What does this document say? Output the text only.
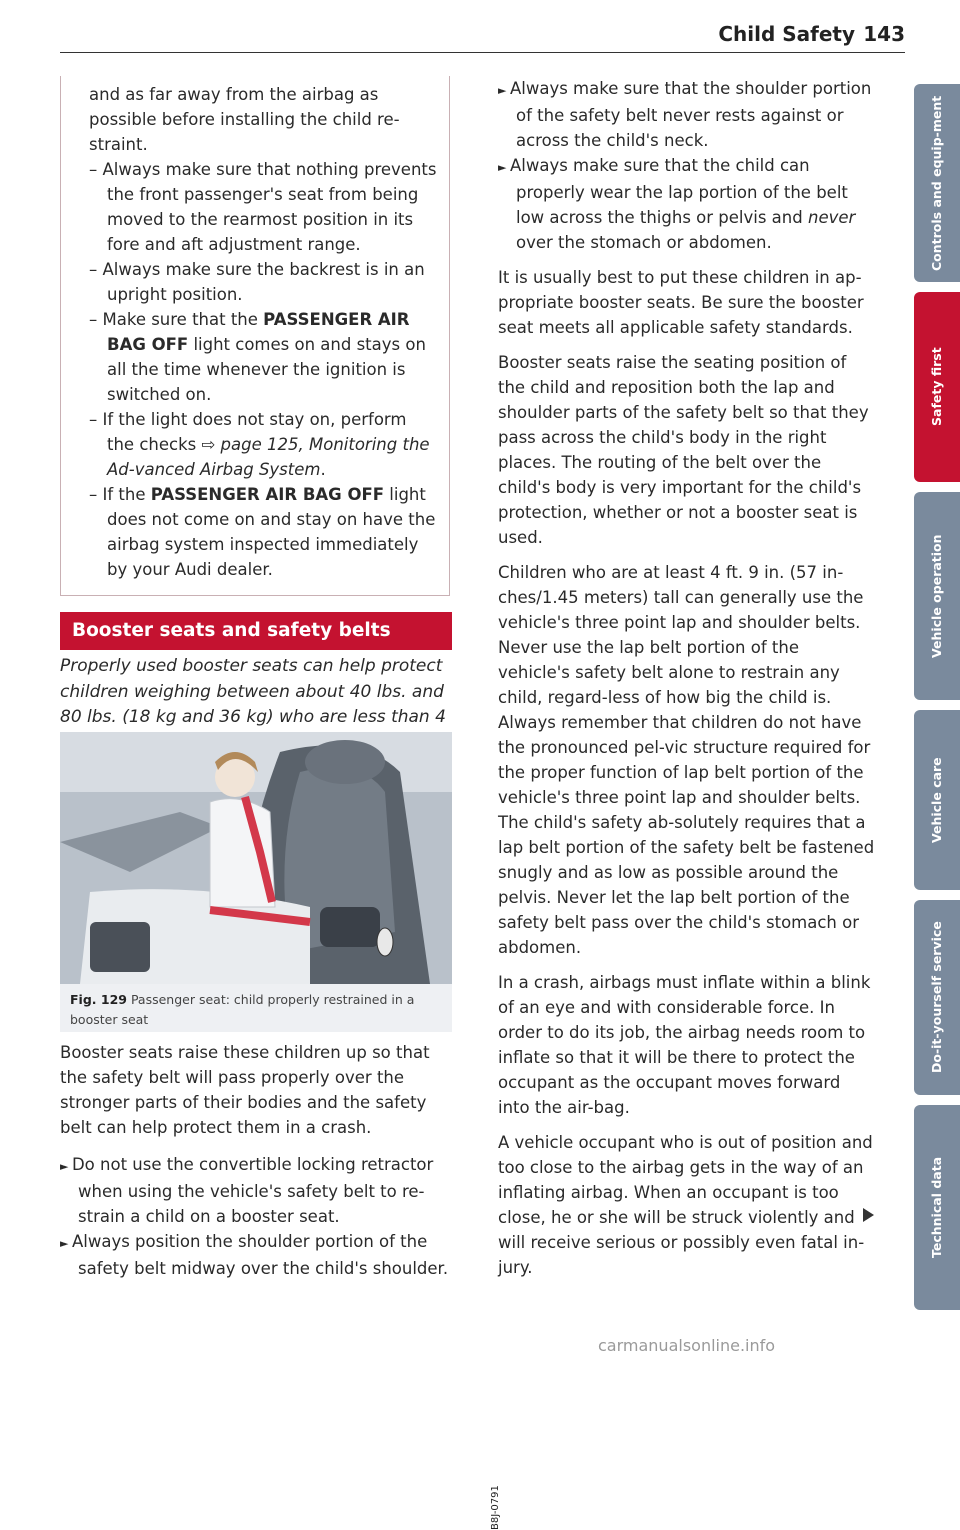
Child Safety 143

and as far away from the airbag as

possible before installing the child re-

straint.

– Always make sure that nothing prevents the front passenger's seat from being moved to the rearmost position in its fore and aft adjustment range.
– Always make sure the backrest is in an upright position.
– Make sure that the PASSENGER AIR BAG OFF light comes on and stays on all the time whenever the ignition is switched on.
– If the light does not stay on, perform the checks ⇨ page 125, Monitoring the Ad-vanced Airbag System.
– If the PASSENGER AIR BAG OFF light does not come on and stay on have the airbag system inspected immediately by your Audi dealer.
Booster seats and safety belts
Properly used booster seats can help protect children weighing between about 40 lbs. and 80 lbs. (18 kg and 36 kg) who are less than 4
B8J-0791
Fig. 129 Passenger seat: child properly restrained in a booster seat

Booster seats raise these children up so that the safety belt will pass properly over the stronger parts of their bodies and the safety belt can help protect them in a crash.

► Do not use the convertible locking retractor when using the vehicle's safety belt to re-strain a child on a booster seat.

► Always position the shoulder portion of the safety belt midway over the child's shoulder.

► Always make sure that the shoulder portion of the safety belt never rests against or across the child's neck.
► Always make sure that the child can properly wear the lap portion of the belt low across the thighs or pelvis and never over the stomach or abdomen.

It is usually best to put these children in ap-propriate booster seats. Be sure the booster seat meets all applicable safety standards.

Booster seats raise the seating position of the child and reposition both the lap and shoulder parts of the safety belt so that they pass across the child's body in the right places. The routing of the belt over the child's body is very important for the child's protection, whether or not a booster seat is used.

Children who are at least 4 ft. 9 in. (57 in-ches/1.45 meters) tall can generally use the vehicle's three point lap and shoulder belts. Never use the lap belt portion of the vehicle's safety belt alone to restrain any child, regard-less of how big the child is. Always remember that children do not have the pronounced pel-vic structure required for the proper function of lap belt portion of the vehicle's three point lap and shoulder belts. The child's safety ab-solutely requires that a lap belt portion of the safety belt be fastened snugly and as low as possible around the pelvis. Never let the lap belt portion of the safety belt pass over the child's stomach or abdomen.

In a crash, airbags must inflate within a blink of an eye and with considerable force. In order to do its job, the airbag needs room to inflate so that it will be there to protect the occupant as the occupant moves forward into the air-bag.

A vehicle occupant who is out of position and too close to the airbag gets in the way of an inflating airbag. When an occupant is too close, he or she will be struck violently and will receive serious or possibly even fatal in-jury.

Controls and equip-ment
Safety first
Vehicle operation
Vehicle care
Do-it-yourself service
Technical data
carmanualsonline.info
